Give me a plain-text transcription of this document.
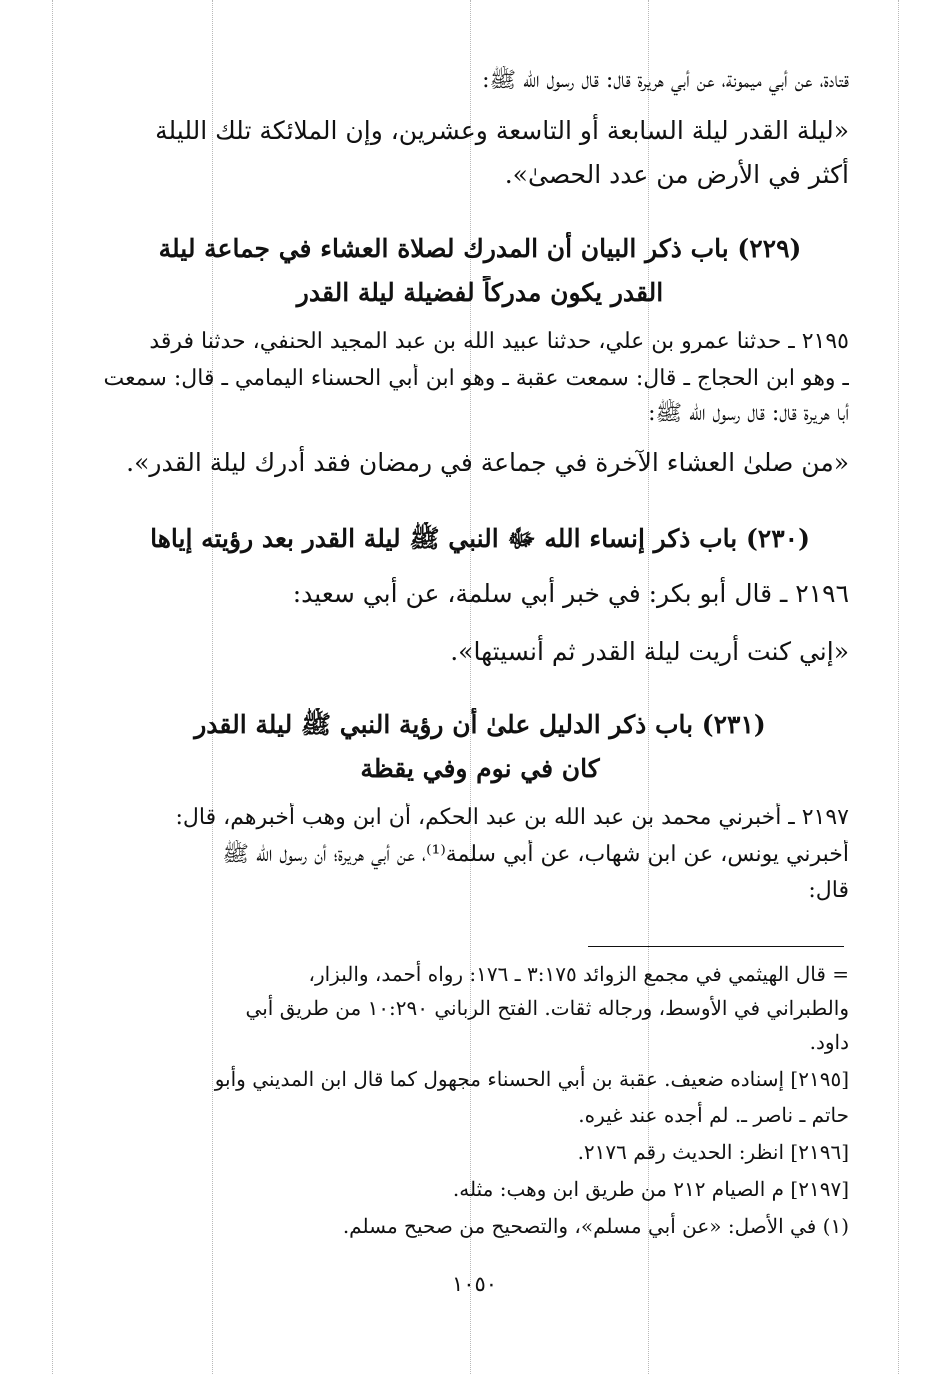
قتادة، عن أبي ميمونة، عن أبي هريرة قال: قال رسول الله ﷺ:
«ليلة القدر ليلة السابعة أو التاسعة وعشرين، وإن الملائكة تلك الليلة
أكثر في الأرض من عدد الحصىٰ».
(٢٢٩) باب ذكر البيان أن المدرك لصلاة العشاء في جماعة ليلة
القدر يكون مدركاً لفضيلة ليلة القدر
٢١٩٥ ـ حدثنا عمرو بن علي، حدثنا عبيد الله بن عبد المجيد الحنفي، حدثنا فرقد
ـ وهو ابن الحجاج ـ قال: سمعت عقبة ـ وهو ابن أبي الحسناء اليمامي ـ قال: سمعت
أبا هريرة قال: قال رسول الله ﷺ:
«من صلىٰ العشاء الآخرة في جماعة في رمضان فقد أدرك ليلة القدر».
(٢٣٠) باب ذكر إنساء الله ﷻ النبي ﷺ ليلة القدر بعد رؤيته إياها
٢١٩٦ ـ قال أبو بكر: في خبر أبي سلمة، عن أبي سعيد:
«إني كنت أريت ليلة القدر ثم أنسيتها».
(٢٣١) باب ذكر الدليل علىٰ أن رؤية النبي ﷺ ليلة القدر
كان في نوم وفي يقظة
٢١٩٧ ـ أخبرني محمد بن عبد الله بن عبد الحكم، أن ابن وهب أخبرهم، قال:
أخبرني يونس، عن ابن شهاب، عن أبي سلمة⁽¹⁾، عن أبي هريرة؛ أن رسول الله ﷺ
قال:
= قال الهيثمي في مجمع الزوائد ٣:١٧٥ ـ ١٧٦: رواه أحمد، والبزار،
والطبراني في الأوسط، ورجاله ثقات. الفتح الرباني ١٠:٢٩٠ من طريق أبي
داود.
[٢١٩٥] إسناده ضعيف. عقبة بن أبي الحسناء مجهول كما قال ابن المديني وأبو
حاتم ـ ناصر ـ. لم أجده عند غيره.
[٢١٩٦] انظر: الحديث رقم ٢١٧٦.
[٢١٩٧] م الصيام ٢١٢ من طريق ابن وهب: مثله.
(١) في الأصل: «عن أبي مسلم»، والتصحيح من صحيح مسلم.
١٠٥٠
